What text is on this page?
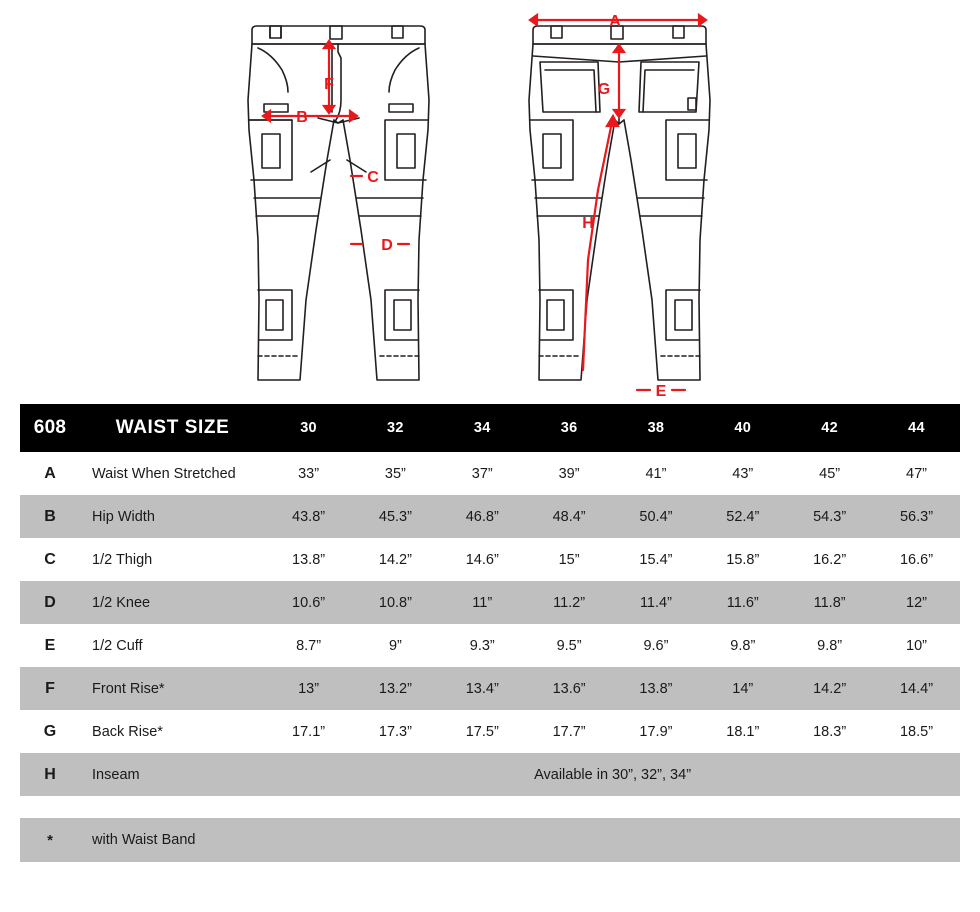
F
B
C
D
A
G
H
E
608	WAIST SIZE	30	32	34	36	38	40	42	44
A	Waist When Stretched	33”	35”	37”	39”	41”	43”	45”	47”
B	Hip Width	43.8”	45.3”	46.8”	48.4”	50.4”	52.4”	54.3”	56.3”
C	1/2 Thigh	13.8”	14.2”	14.6”	15”	15.4”	15.8”	16.2”	16.6”
D	1/2 Knee	10.6”	10.8”	11”	11.2”	11.4”	11.6”	11.8”	12”
E	1/2 Cuff	8.7”	9”	9.3”	9.5”	9.6”	9.8”	9.8”	10”
F	Front Rise*	13”	13.2”	13.4”	13.6”	13.8”	14”	14.2”	14.4”
G	Back Rise*	17.1”	17.3”	17.5”	17.7”	17.9”	18.1”	18.3”	18.5”
H	Inseam	Available in 30”, 32”, 34”							

*	with Waist Band								
